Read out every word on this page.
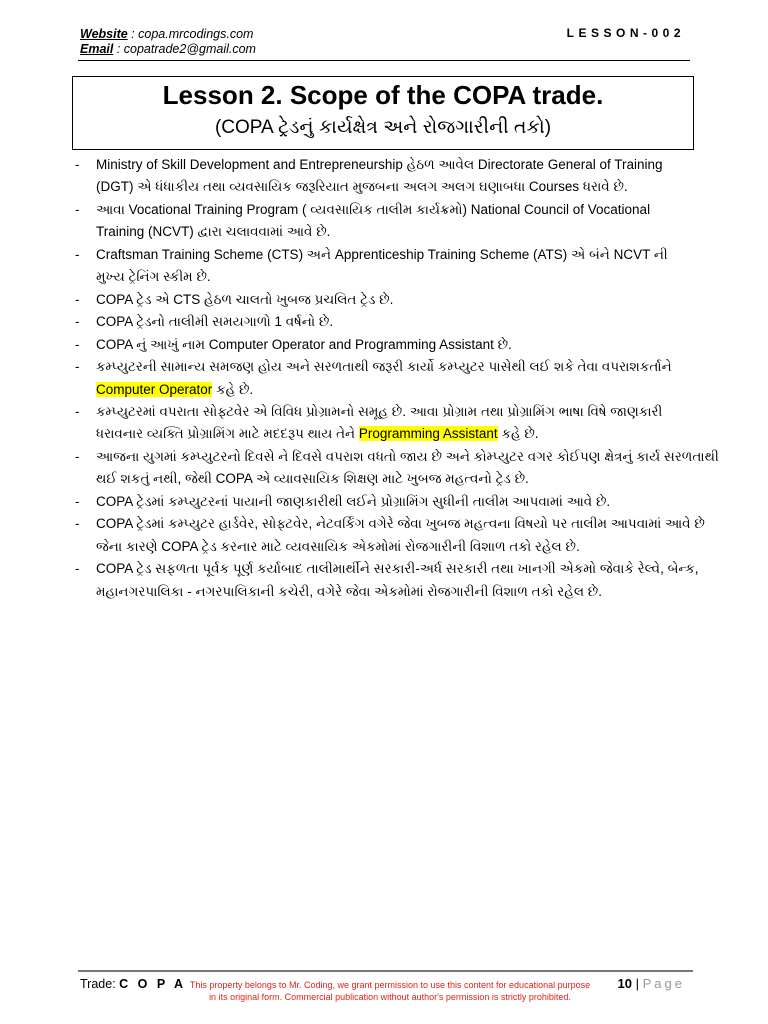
Website : copa.mrcodings.com
Email : copatrade2@gmail.com
LESSON-002
Lesson 2. Scope of the COPA trade.
(COPA ટ્રેડનું કાર્યક્ષેત્ર અને રોજગારીની તકો)
- Ministry of Skill Development and Entrepreneurship હેઠળ આવેલ Directorate General of Training
(DGT) એ ધંધાકીય તથા વ્યવસાયિક જરૂરિયાત મુજબના અલગ અલગ ઘણાબધા Courses ધરાવે છે.
- આવા Vocational Training Program ( વ્યવસાયિક તાલીમ કાર્યક્રમો) National Council of Vocational
Training (NCVT) દ્વારા ચલાવવામાં આવે છે.
- Craftsman Training Scheme (CTS) અને Apprenticeship Training Scheme (ATS) એ બંને NCVT ની
મુખ્ય ટ્રેનિંગ સ્કીમ છે.
- COPA ટ્રેડ એ CTS હેઠળ ચાલતો ખુબજ પ્રચલિત ટ્રેડ છે.
- COPA ટ્રેડનો તાલીમી સમયગાળો 1 વર્ષનો છે.
- COPA નું આખું નામ Computer Operator and Programming Assistant છે.
- કમ્પ્યુટરની સામાન્ય સમજણ હોય અને સરળતાથી જરૂરી કાર્યો કમ્પ્યુટર પાસેથી લઈ શકે તેવા વપરાશકર્તાને
Computer Operator કહે છે.
- કમ્પ્યુટરમાં વપરાતા સોફ્ટવેર એ વિવિધ પ્રોગ્રામનો સમૂહ છે. આવા પ્રોગ્રામ તથા પ્રોગ્રામિંગ ભાષા વિષે જાણકારી
ધરાવનાર વ્યક્તિ પ્રોગ્રામિંગ માટે મદદરૂપ થાય તેને Programming Assistant કહે છે.
- આજના યુગમાં કમ્પ્યુટરનો દિવસે ને દિવસે વપરાશ વધતો જાય છે અને કોમ્પ્યુટર વગર કોઈપણ ક્ષેત્રનું કાર્ય સરળતાથી
થઈ શકતું નથી, જેથી COPA એ વ્યાવસાયિક શિક્ષણ માટે ખુબજ મહત્વનો ટ્રેડ છે.
- COPA ટ્રેડમાં કમ્પ્યુટરનાં પાયાની જાણકારીથી લઈને પ્રોગ્રામિંગ સુધીની તાલીમ આપવામાં આવે છે.
- COPA ટ્રેડમાં કમ્પ્યુટર હાર્ડવેર, સોફ્ટવેર, નેટવર્કિંગ વગેરે જેવા ખુબજ મહત્વના વિષયો પર તાલીમ આપવામાં આવે છે
જેના કારણે COPA ટ્રેડ કરનાર માટે વ્યવસાયિક એકમોમાં રોજગારીની વિશાળ તકો રહેલ છે.
- COPA ટ્રેડ સફળતા પૂર્વક પૂર્ણ કર્યાબાદ તાલીમાર્થીને સરકારી-અર્ધ સરકારી તથા ખાનગી એકમો જેવાકે રેલ્વે, બેન્ક,
મહાનગરપાલિકા - નગરપાલિકાની કચેરી, વગેરે જેવા એકમોમાં રોજગારીની વિશાળ તકો રહેલ છે.
Trade: C O P A This property belongs to Mr. Coding, we grant permission to use this content for educational purpose
in its original form. Commercial publication without author's permission is strictly prohibited.
10 | Page
